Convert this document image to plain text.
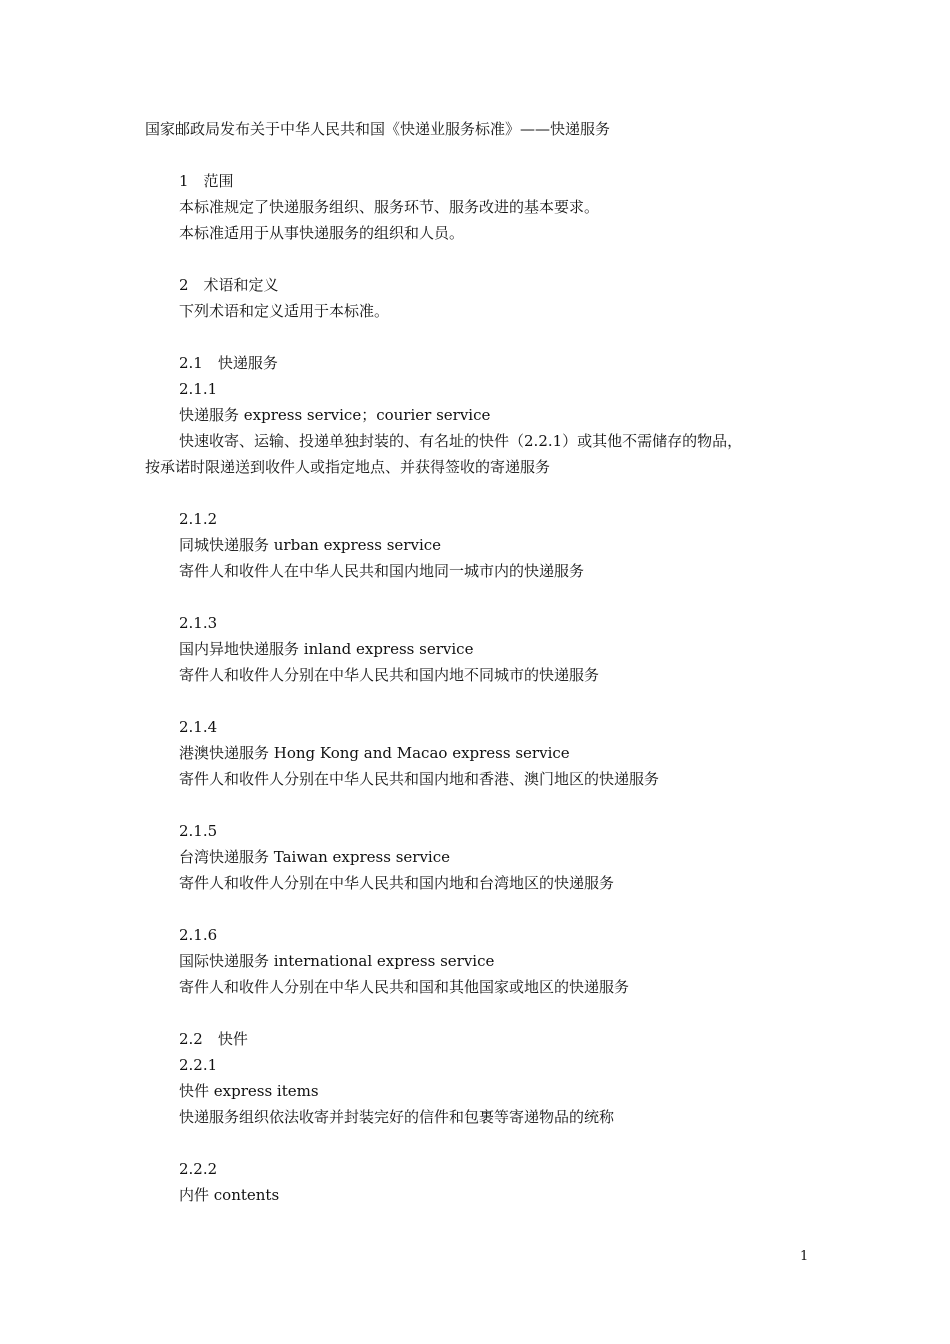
国家邮政局发布关于中华人民共和国《快递业服务标准》——快递服务
1　范围
本标准规定了快递服务组织、服务环节、服务改进的基本要求。
本标准适用于从事快递服务的组织和人员。
2　术语和定义
下列术语和定义适用于本标准。
2.1　快递服务
2.1.1
快递服务 express service；courier service
快速收寄、运输、投递单独封装的、有名址的快件（2.2.1）或其他不需储存的物品，
按承诺时限递送到收件人或指定地点、并获得签收的寄递服务
2.1.2
同城快递服务 urban express service
寄件人和收件人在中华人民共和国内地同一城市内的快递服务
2.1.3
国内异地快递服务 inland express service
寄件人和收件人分别在中华人民共和国内地不同城市的快递服务
2.1.4
港澳快递服务 Hong Kong and Macao express service
寄件人和收件人分别在中华人民共和国内地和香港、澳门地区的快递服务
2.1.5
台湾快递服务 Taiwan express service
寄件人和收件人分别在中华人民共和国内地和台湾地区的快递服务
2.1.6
国际快递服务 international express service
寄件人和收件人分别在中华人民共和国和其他国家或地区的快递服务
2.2　快件
2.2.1
快件 express items
快递服务组织依法收寄并封装完好的信件和包裹等寄递物品的统称
2.2.2
内件 contents
1
